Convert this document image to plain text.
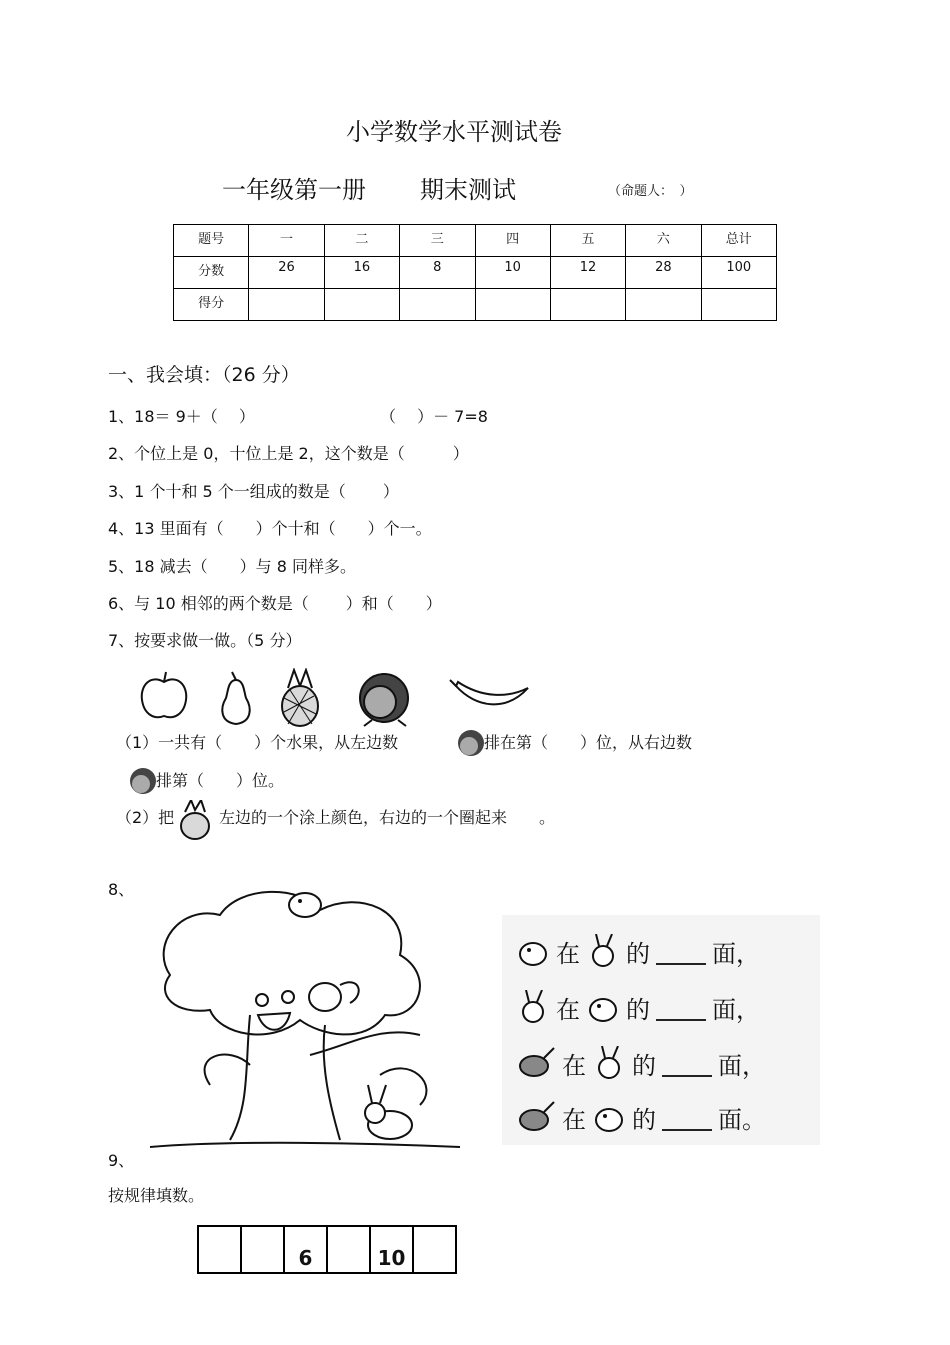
小学数学水平测试卷
一年级第一册 期末测试	（命题人：　）
题号	一	二	三	四	五	六	总计
分数	26	16	8	10	12	28	100
得分							
一、我会填：（26 分）
1、18＝ 9＋（　 ）	（　 ）－ 7=8
2、个位上是 0，十位上是 2，这个数是（　　　）
3、1 个十和 5 个一组成的数是（　　 ）
4、13 里面有（　　）个十和（　　）个一。
5、18 减去（　　）与 8 同样多。
6、与 10 相邻的两个数是（　　 ）和（　　）
7、按要求做一做。（5 分）
（1）一共有（　　）个水果，从左边数	排在第（　　）位，从右边数
排第（　　）位。
（2）把	左边的一个涂上颜色，右边的一个圈起来　　。
8、
在 的	面，
在 的	面，
在 的	面，
在 的	面。
9、
按规律填数。
		6		10	
